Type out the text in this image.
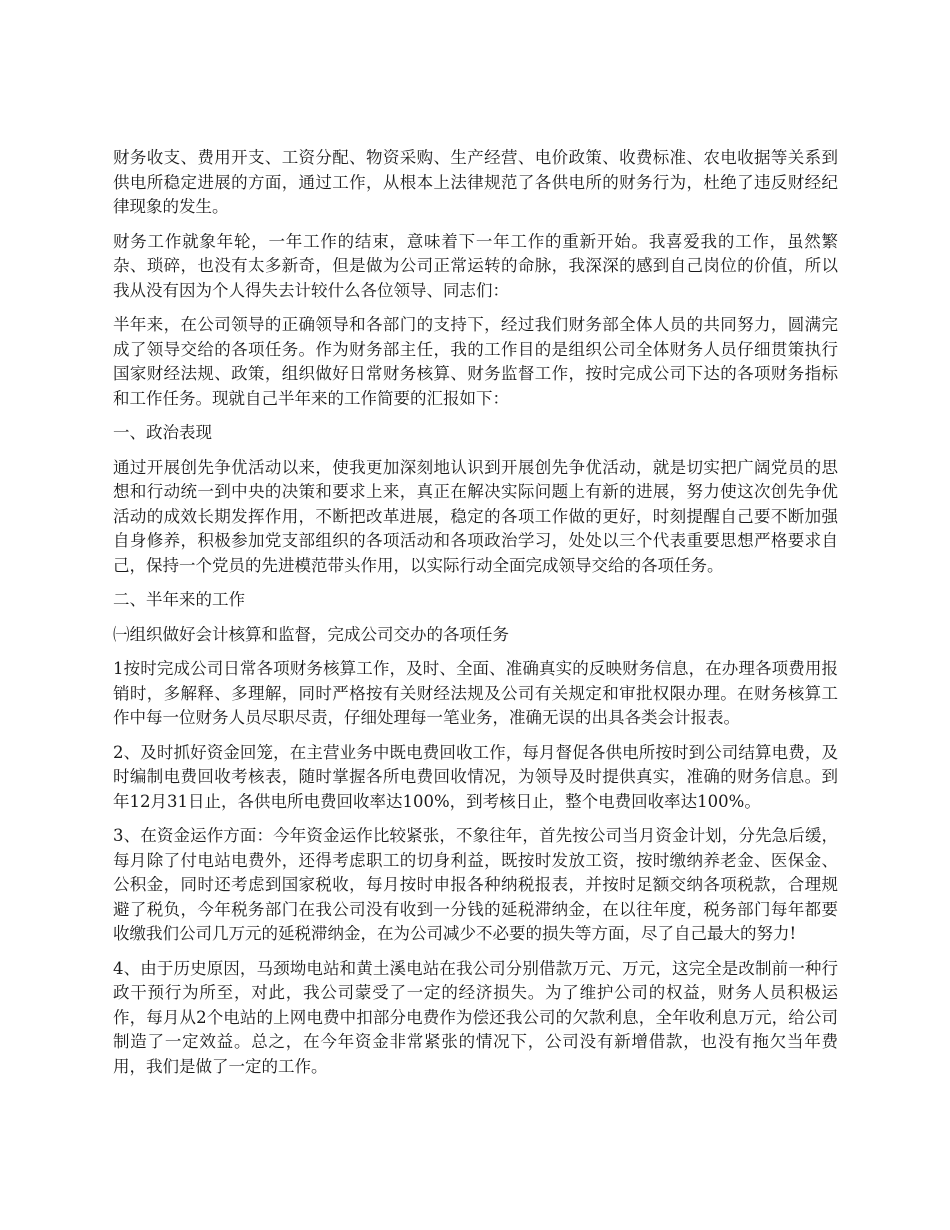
财务收支、费用开支、工资分配、物资采购、生产经营、电价政策、收费标准、农电收据等关系到供电所稳定进展的方面，通过工作，从根本上法律规范了各供电所的财务行为，杜绝了违反财经纪律现象的发生。

财务工作就象年轮，一年工作的结束，意味着下一年工作的重新开始。我喜爱我的工作，虽然繁杂、琐碎，也没有太多新奇，但是做为公司正常运转的命脉，我深深的感到自己岗位的价值，所以我从没有因为个人得失去计较什么各位领导、同志们：

半年来，在公司领导的正确领导和各部门的支持下，经过我们财务部全体人员的共同努力，圆满完成了领导交给的各项任务。作为财务部主任，我的工作目的是组织公司全体财务人员仔细贯策执行国家财经法规、政策，组织做好日常财务核算、财务监督工作，按时完成公司下达的各项财务指标和工作任务。现就自己半年来的工作简要的汇报如下：

一、政治表现

通过开展创先争优活动以来，使我更加深刻地认识到开展创先争优活动，就是切实把广阔党员的思想和行动统一到中央的决策和要求上来，真正在解决实际问题上有新的进展，努力使这次创先争优活动的成效长期发挥作用，不断把改革进展，稳定的各项工作做的更好，时刻提醒自己要不断加强自身修养，积极参加党支部组织的各项活动和各项政治学习，处处以三个代表重要思想严格要求自己，保持一个党员的先进模范带头作用，以实际行动全面完成领导交给的各项任务。

二、半年来的工作

㈠组织做好会计核算和监督，完成公司交办的各项任务

1按时完成公司日常各项财务核算工作，及时、全面、准确真实的反映财务信息，在办理各项费用报销时，多解释、多理解，同时严格按有关财经法规及公司有关规定和审批权限办理。在财务核算工作中每一位财务人员尽职尽责，仔细处理每一笔业务，准确无误的出具各类会计报表。

2、及时抓好资金回笼，在主营业务中既电费回收工作，每月督促各供电所按时到公司结算电费，及时编制电费回收考核表，随时掌握各所电费回收情况，为领导及时提供真实，准确的财务信息。到年12月31日止，各供电所电费回收率达100%，到考核日止，整个电费回收率达100%。

3、在资金运作方面：今年资金运作比较紧张，不象往年，首先按公司当月资金计划，分先急后缓，每月除了付电站电费外，还得考虑职工的切身利益，既按时发放工资，按时缴纳养老金、医保金、公积金，同时还考虑到国家税收，每月按时申报各种纳税报表，并按时足额交纳各项税款，合理规避了税负，今年税务部门在我公司没有收到一分钱的延税滞纳金，在以往年度，税务部门每年都要收缴我们公司几万元的延税滞纳金，在为公司减少不必要的损失等方面，尽了自己最大的努力!

4、由于历史原因，马颈坳电站和黄土溪电站在我公司分别借款万元、万元，这完全是改制前一种行政干预行为所至，对此，我公司蒙受了一定的经济损失。为了维护公司的权益，财务人员积极运作，每月从2个电站的上网电费中扣部分电费作为偿还我公司的欠款利息，全年收利息万元，给公司制造了一定效益。总之，在今年资金非常紧张的情况下，公司没有新增借款，也没有拖欠当年费用，我们是做了一定的工作。
